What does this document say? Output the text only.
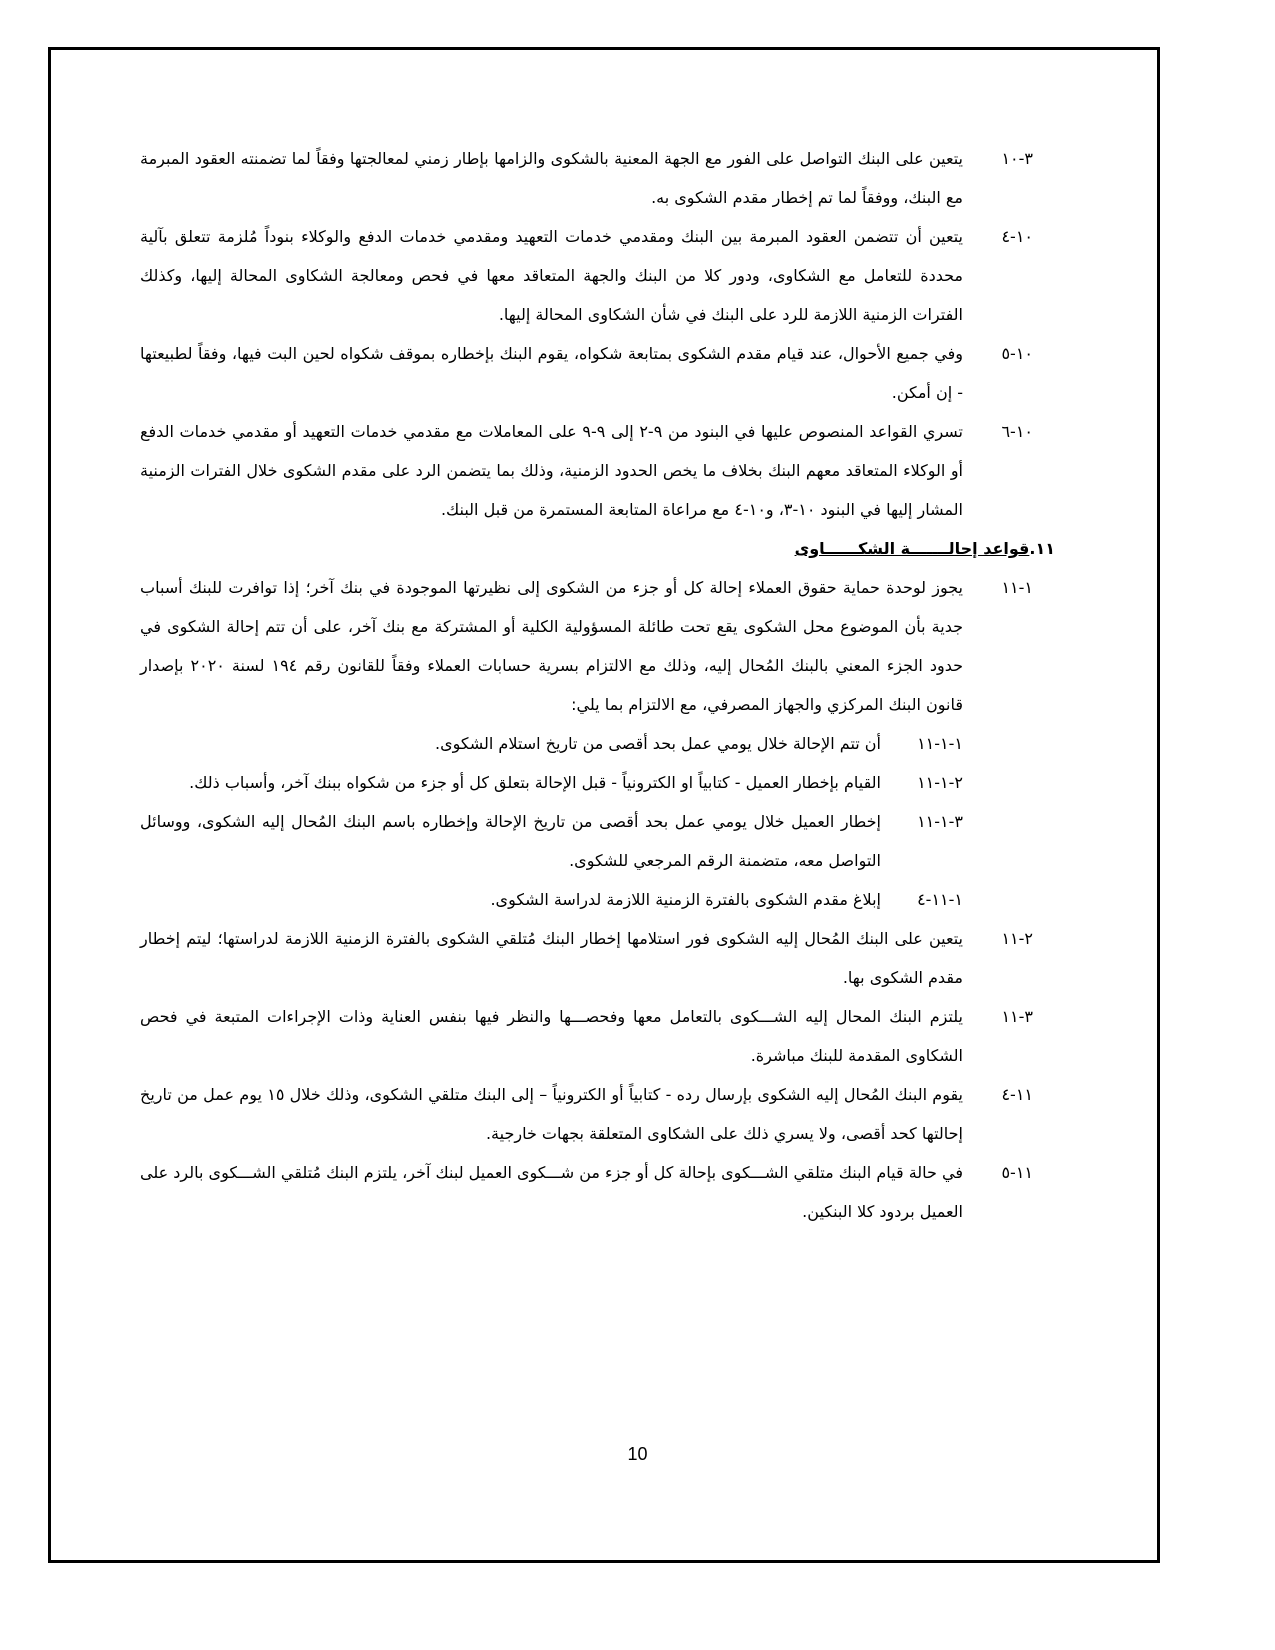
۱۰-۳

يتعين على البنك التواصل على الفور مع الجهة المعنية بالشكوى والزامها بإطار زمني لمعالجتها وفقاً لما تضمنته العقود المبرمة مع البنك، ووفقاً لما تم إخطار مقدم الشكوى به.

۱۰-٤

يتعين أن تتضمن العقود المبرمة بين البنك ومقدمي خدمات التعهيد ومقدمي خدمات الدفع والوكلاء بنوداً مُلزمة تتعلق بآلية محددة للتعامل مع الشكاوى، ودور كلا من البنك والجهة المتعاقد معها في فحص ومعالجة الشكاوى المحالة إليها، وكذلك الفترات الزمنية اللازمة للرد على البنك في شأن الشكاوى المحالة إليها.

۱۰-٥

وفي جميع الأحوال، عند قيام مقدم الشكوى بمتابعة شكواه، يقوم البنك بإخطاره بموقف شكواه لحين البت فيها، وفقاً لطبيعتها - إن أمكن.

۱۰-٦

تسري القواعد المنصوص عليها في البنود من ۹-۲ إلى ۹-۹ على المعاملات مع مقدمي خدمات التعهيد أو مقدمي خدمات الدفع أو الوكلاء المتعاقد معهم البنك بخلاف ما يخص الحدود الزمنية، وذلك بما يتضمن الرد على مقدم الشكوى خلال الفترات الزمنية المشار إليها في البنود ۱۰-۳، و۱۰-٤ مع مراعاة المتابعة المستمرة من قبل البنك.

۱۱.قواعد إحالـــــــة الشكــــــاوى
۱۱-۱

يجوز لوحدة حماية حقوق العملاء إحالة كل أو جزء من الشكوى إلى نظيرتها الموجودة في بنك آخر؛ إذا توافرت للبنك أسباب جدية بأن الموضوع محل الشكوى يقع تحت طائلة المسؤولية الكلية أو المشتركة مع بنك آخر، على أن تتم إحالة الشكوى في حدود الجزء المعني بالبنك المُحال إليه، وذلك مع الالتزام بسرية حسابات العملاء وفقاً للقانون رقم ۱۹٤ لسنة ۲۰۲۰ بإصدار قانون البنك المركزي والجهاز المصرفي، مع الالتزام بما يلي:

۱۱-۱-۱

أن تتم الإحالة خلال يومي عمل بحد أقصى من تاريخ استلام الشكوى.

۱۱-۱-۲

القيام بإخطار العميل - كتابياً او الكترونياً - قبل الإحالة بتعلق كل أو جزء من شكواه ببنك آخر، وأسباب ذلك.

۱۱-۱-۳

إخطار العميل خلال يومي عمل بحد أقصى من تاريخ الإحالة وإخطاره باسم البنك المُحال إليه الشكوى، ووسائل التواصل معه، متضمنة الرقم المرجعي للشكوى.

۱۱-۱-٤

إبلاغ مقدم الشكوى بالفترة الزمنية اللازمة لدراسة الشكوى.

۱۱-۲

يتعين على البنك المُحال إليه الشكوى فور استلامها إخطار البنك مُتلقي الشكوى بالفترة الزمنية اللازمة لدراستها؛ ليتم إخطار مقدم الشكوى بها.

۱۱-۳

يلتزم البنك المحال إليه الشـــكوى بالتعامل معها وفحصـــها والنظر فيها بنفس العناية وذات الإجراءات المتبعة في فحص الشكاوى المقدمة للبنك مباشرة.

۱۱-٤

يقوم البنك المُحال إليه الشكوى بإرسال رده - كتابياً أو الكترونياً – إلى البنك متلقي الشكوى، وذلك خلال ۱٥ يوم عمل من تاريخ إحالتها كحد أقصى، ولا يسري ذلك على الشكاوى المتعلقة بجهات خارجية.

۱۱-٥

في حالة قيام البنك متلقي الشـــكوى بإحالة كل أو جزء من شـــكوى العميل لبنك آخر، يلتزم البنك مُتلقي الشـــكوى بالرد على العميل بردود كلا البنكين.

10
